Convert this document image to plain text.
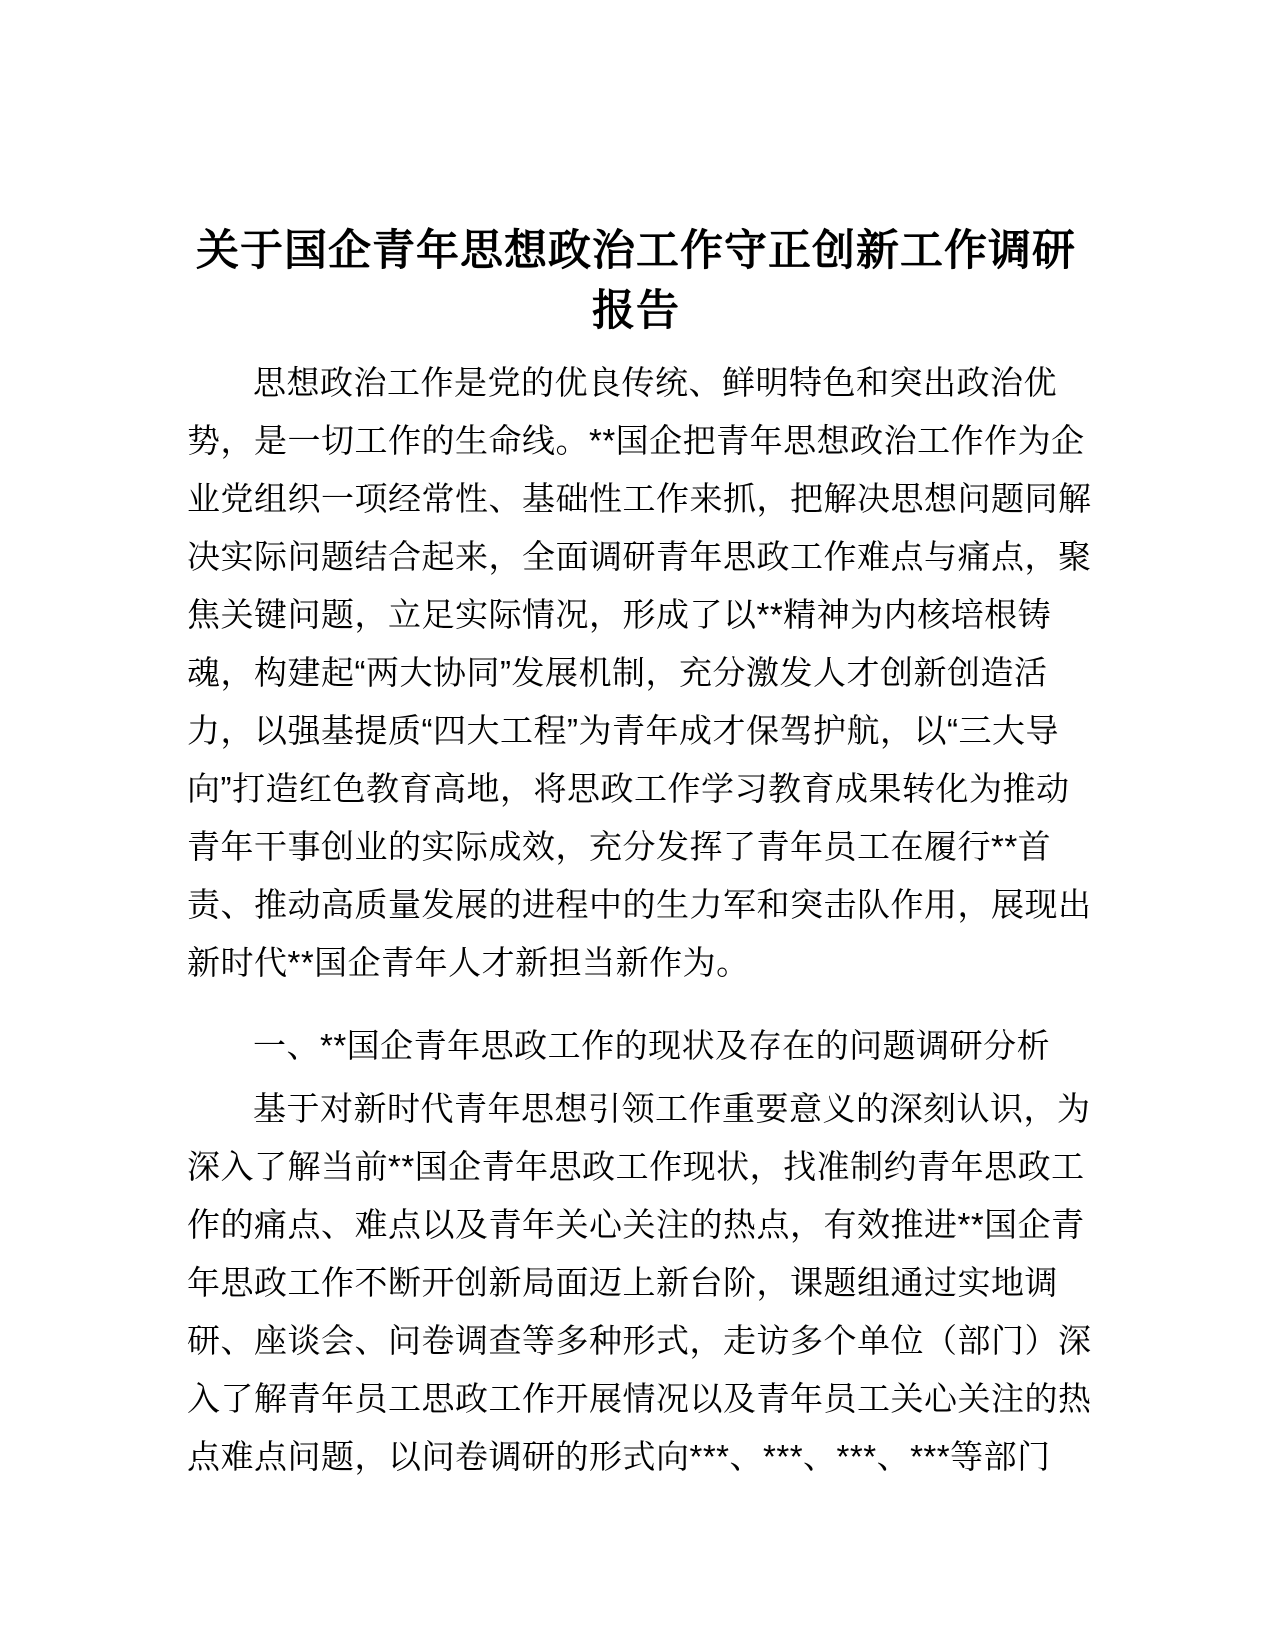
关于国企青年思想政治工作守正创新工作调研
报告
思想政治工作是党的优良传统、鲜明特色和突出政治优
势，是一切工作的生命线。**国企把青年思想政治工作作为企
业党组织一项经常性、基础性工作来抓，把解决思想问题同解
决实际问题结合起来，全面调研青年思政工作难点与痛点，聚
焦关键问题，立足实际情况，形成了以**精神为内核培根铸
魂，构建起“两大协同”发展机制，充分激发人才创新创造活
力，以强基提质“四大工程”为青年成才保驾护航，以“三大导
向”打造红色教育高地，将思政工作学习教育成果转化为推动
青年干事创业的实际成效，充分发挥了青年员工在履行**首
责、推动高质量发展的进程中的生力军和突击队作用，展现出
新时代**国企青年人才新担当新作为。
一、**国企青年思政工作的现状及存在的问题调研分析
基于对新时代青年思想引领工作重要意义的深刻认识，为
深入了解当前**国企青年思政工作现状，找准制约青年思政工
作的痛点、难点以及青年关心关注的热点，有效推进**国企青
年思政工作不断开创新局面迈上新台阶，课题组通过实地调
研、座谈会、问卷调查等多种形式，走访多个单位（部门）深
入了解青年员工思政工作开展情况以及青年员工关心关注的热
点难点问题，以问卷调研的形式向***、***、***、***等部门
